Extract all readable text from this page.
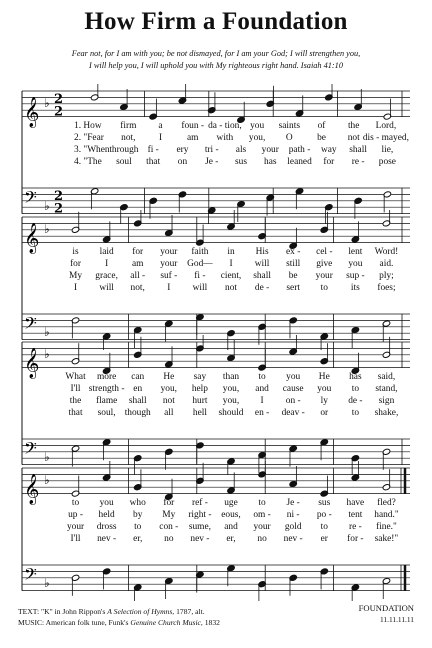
How Firm a Foundation
Fear not, for I am with you; be not dismayed, for I am your God; I will strengthen you,
I will help you, I will uphold you with My righteous right hand. Isaiah 41:10
𝄞 ♭
𝄢 ♭
2
2
2
2
1. How firm a foun - da - tion, you saints of the Lord,
2. "Fear not, I	am with you, O	be not dis - mayed,
3. "When through fi - ery tri - als your path - way shall lie,
4. "The soul that on Je - sus has leaned for re - pose
𝄞 ♭
𝄢 ♭
is laid for your faith in His ex - cel - lent Word!
for	I	am your God— I will still give you aid.
My grace, all - suf - fi - cient, shall be your sup - ply;
I will not, I will not de - sert to its foes;
𝄞 ♭
𝄢 ♭
What more can He say than to you He has said,
I'll strength - en you, help you, and cause you to stand,
the flame shall not hurt you, I on - ly de - sign
that soul, though all hell should en - deav - or	to shake,
𝄞 ♭
𝄢 ♭
to you who for ref - uge to Je - sus have fled?
up - held by My right - eous, om - ni - po - tent hand."
your dross to con - sume, and your gold to re - fine."
I'll nev - er, no nev - er, no nev - er for - sake!"
TEXT: "K" in John Rippon's A Selection of Hymns, 1787, alt.
MUSIC: American folk tune, Funk's Genuine Church Music, 1832
FOUNDATION
11.11.11.11
